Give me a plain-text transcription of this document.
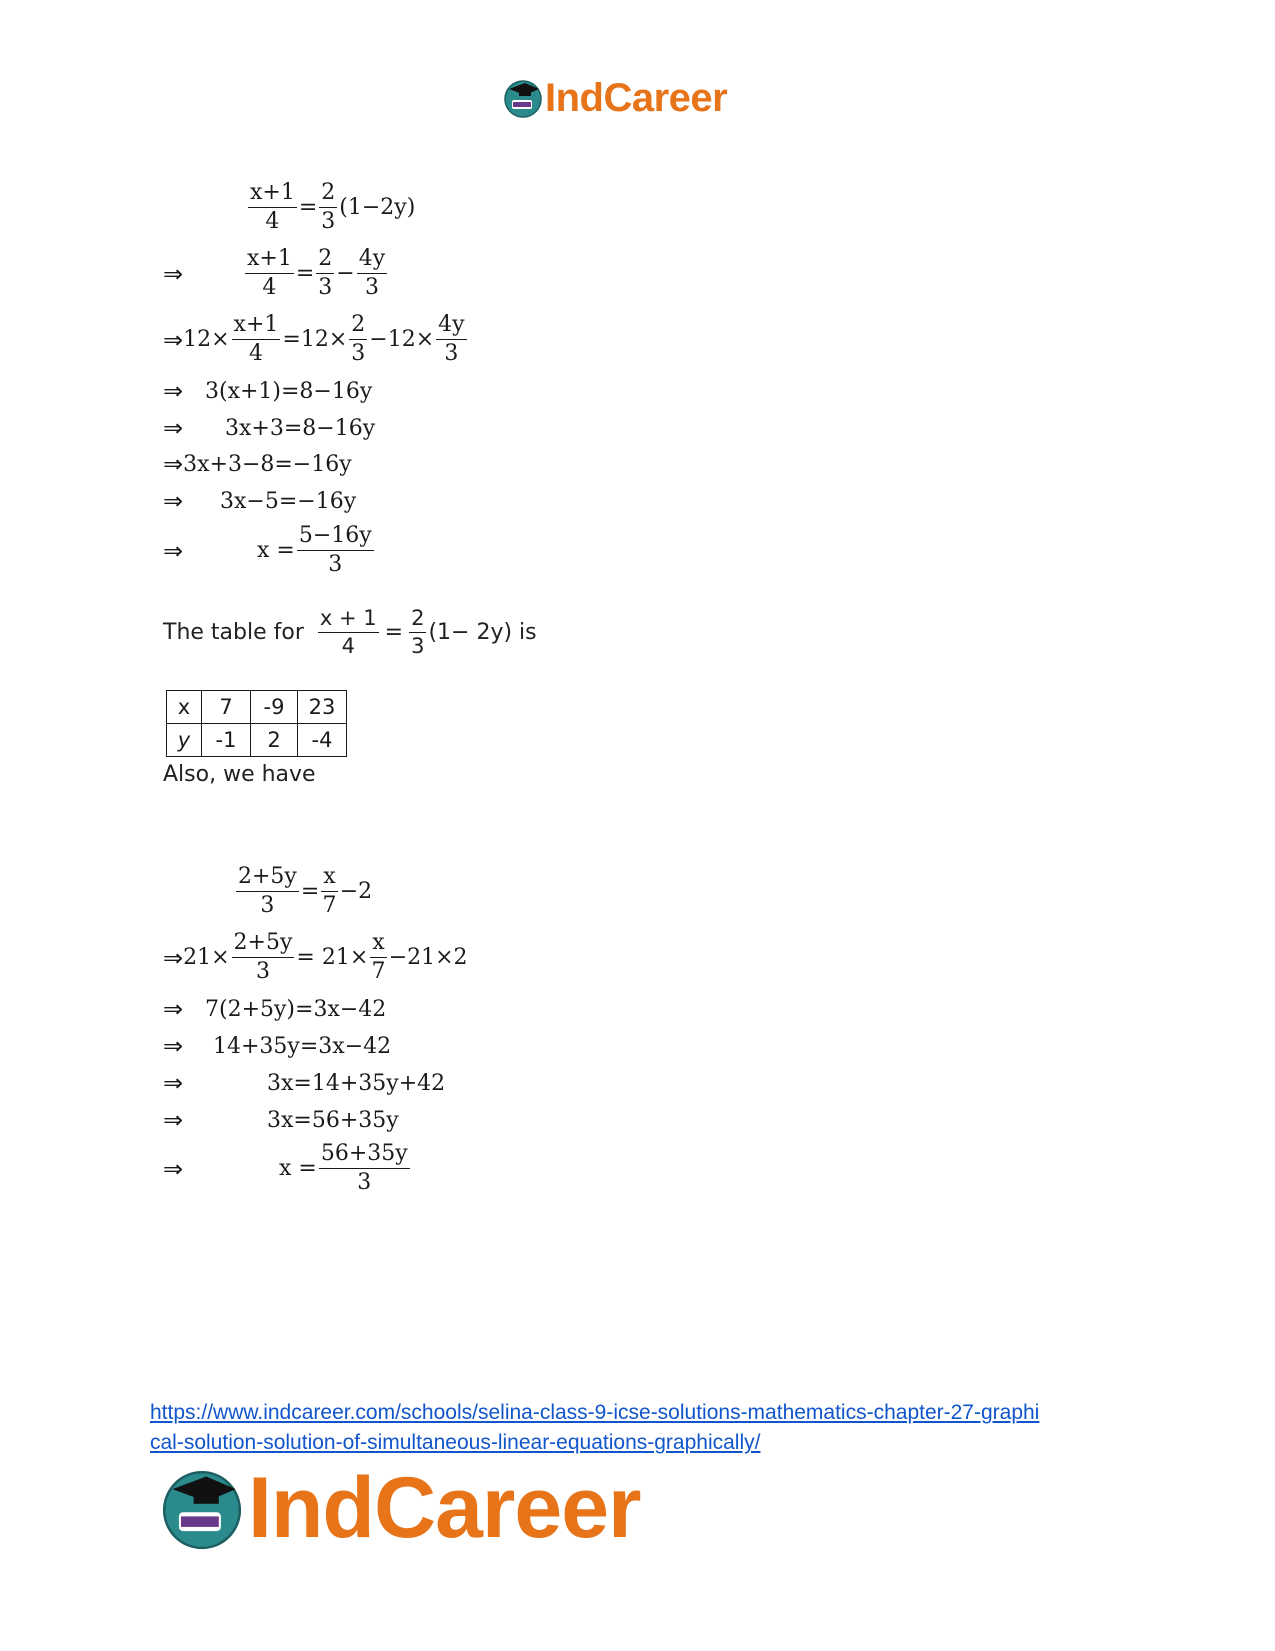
IndCareer
$\frac{x+1}{4} = \frac{2}{3} (1-2y)$
⇒	$\frac{x+1}{4} = \frac{2}{3} - \frac{4y}{3}$
⇒ $12\times \frac{x+1}{4} =12\times \frac{2}{3} -12\times \frac{4y}{3}$
⇒ 3(x+1)=8−16y
⇒	3x+3=8−16y
⇒ 3x+3−8=−16y
⇒	3x−5=−16y
⇒	$x = \frac{5-16y}{3}$
The table for $\frac{x + 1}{4} = \frac{2}{3} (1- 2y)$ is
x	7	-9	23
y	-1	2	-4
Also, we have
$\frac{2+5y}{3} = \frac{x}{7} -2$
⇒ $21\times \frac{2+5y}{3} = 21\times \frac{x}{7} -21\times 2$
⇒ 7(2+5y)=3x−42
⇒	14+35y=3x−42
⇒	3x=14+35y+42
⇒	3x=56+35y
⇒	$x = \frac{56+35y}{3}$
https://www.indcareer.com/schools/selina-class-9-icse-solutions-mathematics-chapter-27-graphi
cal-solution-solution-of-simultaneous-linear-equations-graphically/
IndCareer
